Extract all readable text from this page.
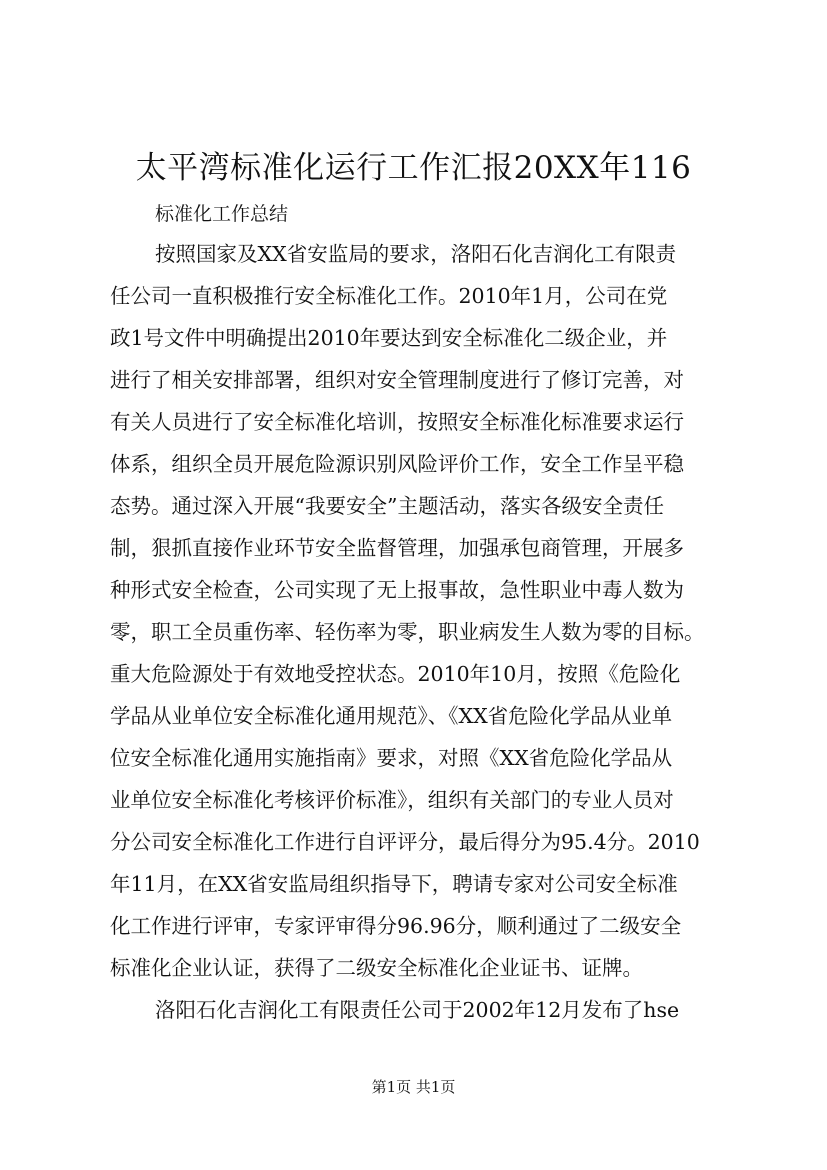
太平湾标准化运行工作汇报20XX年116
标准化工作总结
按照国家及XX省安监局的要求，洛阳石化吉润化工有限责
任公司一直积极推行安全标准化工作。2010年1月，公司在党
政1号文件中明确提出2010年要达到安全标准化二级企业，并
进行了相关安排部署，组织对安全管理制度进行了修订完善，对
有关人员进行了安全标准化培训，按照安全标准化标准要求运行
体系，组织全员开展危险源识别风险评价工作，安全工作呈平稳
态势。通过深入开展“我要安全”主题活动，落实各级安全责任
制，狠抓直接作业环节安全监督管理，加强承包商管理，开展多
种形式安全检查，公司实现了无上报事故，急性职业中毒人数为
零，职工全员重伤率、轻伤率为零，职业病发生人数为零的目标。
重大危险源处于有效地受控状态。2010年10月，按照《危险化
学品从业单位安全标准化通用规范》、《XX省危险化学品从业单
位安全标准化通用实施指南》要求，对照《XX省危险化学品从
业单位安全标准化考核评价标准》，组织有关部门的专业人员对
分公司安全标准化工作进行自评评分，最后得分为95.4分。2010
年11月，在XX省安监局组织指导下，聘请专家对公司安全标准
化工作进行评审，专家评审得分96.96分，顺利通过了二级安全
标准化企业认证，获得了二级安全标准化企业证书、证牌。
洛阳石化吉润化工有限责任公司于2002年12月发布了hse
第1页 共1页
